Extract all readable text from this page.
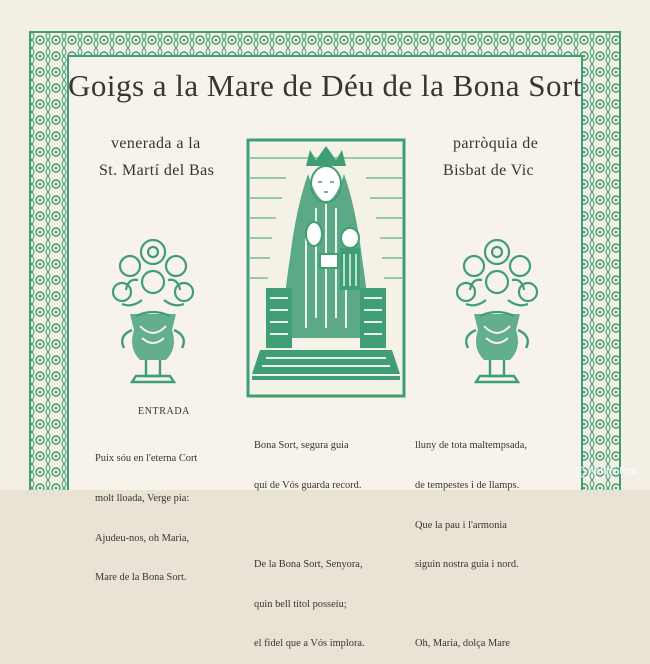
Goigs a la Mare de Déu de la Bona Sort
venerada a la
St. Martí del Bas
parròquia de
Bisbat de Vic
ENTRADA

Puix sóu en l'eterna Cort

molt lloada, Verge pia:

Ajudeu-nos, oh Maria,

Mare de la Bona Sort.

Bona Sort, segura guia

qui de Vós guarda record.

De la Bona Sort, Senyora,

quin bell títol posseíu;

el fidel que a Vós implora.

lluny de tota maltempsada,

de tempestes i de llamps.

Que la pau i l'armonia

siguin nostra guia i nord.

Oh, Maria, dolça Mare

Antoni Prat
